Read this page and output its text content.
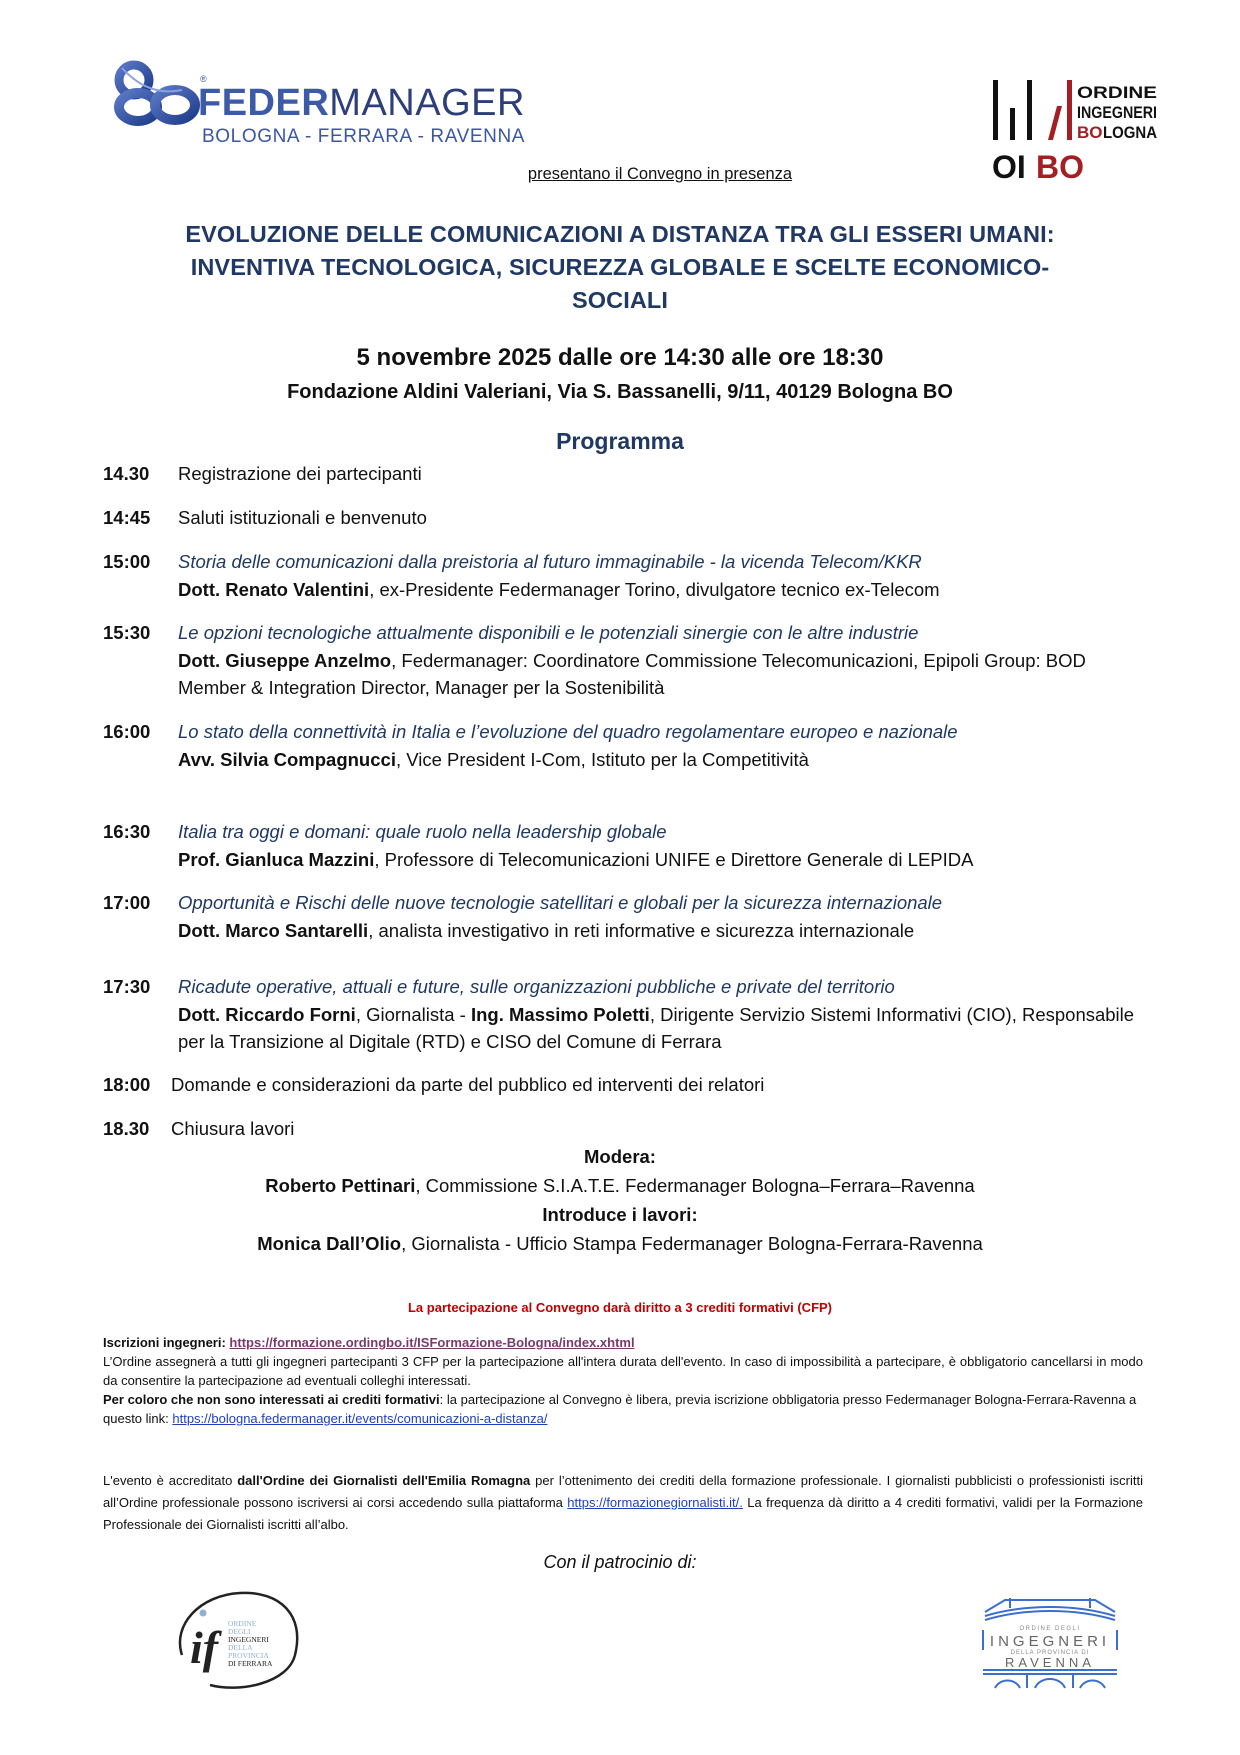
®
FEDERMANAGER
BOLOGNA - FERRARA - RAVENNA
OI BO
ORDINE
INGEGNERI
BO LOGNA
presentano il Convegno in presenza
EVOLUZIONE DELLE COMUNICAZIONI A DISTANZA TRA GLI ESSERI UMANI:
INVENTIVA TECNOLOGICA, SICUREZZA GLOBALE E SCELTE ECONOMICO-
SOCIALI
5 novembre 2025 dalle ore 14:30 alle ore 18:30
Fondazione Aldini Valeriani, Via S. Bassanelli, 9/11, 40129 Bologna BO
Programma
14.30 Registrazione dei partecipanti
14:45 Saluti istituzionali e benvenuto
15:00 Storia delle comunicazioni dalla preistoria al futuro immaginabile - la vicenda Telecom/KKR
Dott. Renato Valentini, ex-Presidente Federmanager Torino, divulgatore tecnico ex-Telecom
15:30 Le opzioni tecnologiche attualmente disponibili e le potenziali sinergie con le altre industrie
Dott. Giuseppe Anzelmo, Federmanager: Coordinatore Commissione Telecomunicazioni, Epipoli Group: BOD Member & Integration Director, Manager per la Sostenibilità
16:00 Lo stato della connettività in Italia e l’evoluzione del quadro regolamentare europeo e nazionale
Avv. Silvia Compagnucci, Vice President I-Com, Istituto per la Competitività
16:30 Italia tra oggi e domani: quale ruolo nella leadership globale
Prof. Gianluca Mazzini, Professore di Telecomunicazioni UNIFE e Direttore Generale di LEPIDA
17:00 Opportunità e Rischi delle nuove tecnologie satellitari e globali per la sicurezza internazionale
Dott. Marco Santarelli, analista investigativo in reti informative e sicurezza internazionale
17:30 Ricadute operative, attuali e future, sulle organizzazioni pubbliche e private del territorio
Dott. Riccardo Forni, Giornalista - Ing. Massimo Poletti, Dirigente Servizio Sistemi Informativi (CIO), Responsabile per la Transizione al Digitale (RTD) e CISO del Comune di Ferrara
18:00 Domande e considerazioni da parte del pubblico ed interventi dei relatori
18.30 Chiusura lavori
Modera:
Roberto Pettinari, Commissione S.I.A.T.E. Federmanager Bologna–Ferrara–Ravenna
Introduce i lavori:
Monica Dall’Olio, Giornalista - Ufficio Stampa Federmanager Bologna-Ferrara-Ravenna
La partecipazione al Convegno darà diritto a 3 crediti formativi (CFP)
Iscrizioni ingegneri: https://formazione.ordingbo.it/ISFormazione-Bologna/index.xhtml
L’Ordine assegnerà a tutti gli ingegneri partecipanti 3 CFP per la partecipazione all'intera durata dell'evento. In caso di impossibilità a partecipare, è obbligatorio cancellarsi in modo da consentire la partecipazione ad eventuali colleghi interessati.
Per coloro che non sono interessati ai crediti formativi: la partecipazione al Convegno è libera, previa iscrizione obbligatoria presso Federmanager Bologna-Ferrara-Ravenna a questo link: https://bologna.federmanager.it/events/comunicazioni-a-distanza/
L'evento è accreditato dall'Ordine dei Giornalisti dell'Emilia Romagna per l’ottenimento dei crediti della formazione professionale. I giornalisti pubblicisti o professionisti iscritti all’Ordine professionale possono iscriversi ai corsi accedendo sulla piattaforma https://formazionegiornalisti.it/. La frequenza dà diritto a 4 crediti formativi, validi per la Formazione Professionale dei Giornalisti iscritti all’albo.
Con il patrocinio di:
if	ORDINE
DEGLI
INGEGNERI
DELLA
PROVINCIA
DI FERRARA
ORDINE DEGLI
INGEGNERI
DELLA PROVINCIA DI
RAVENNA
